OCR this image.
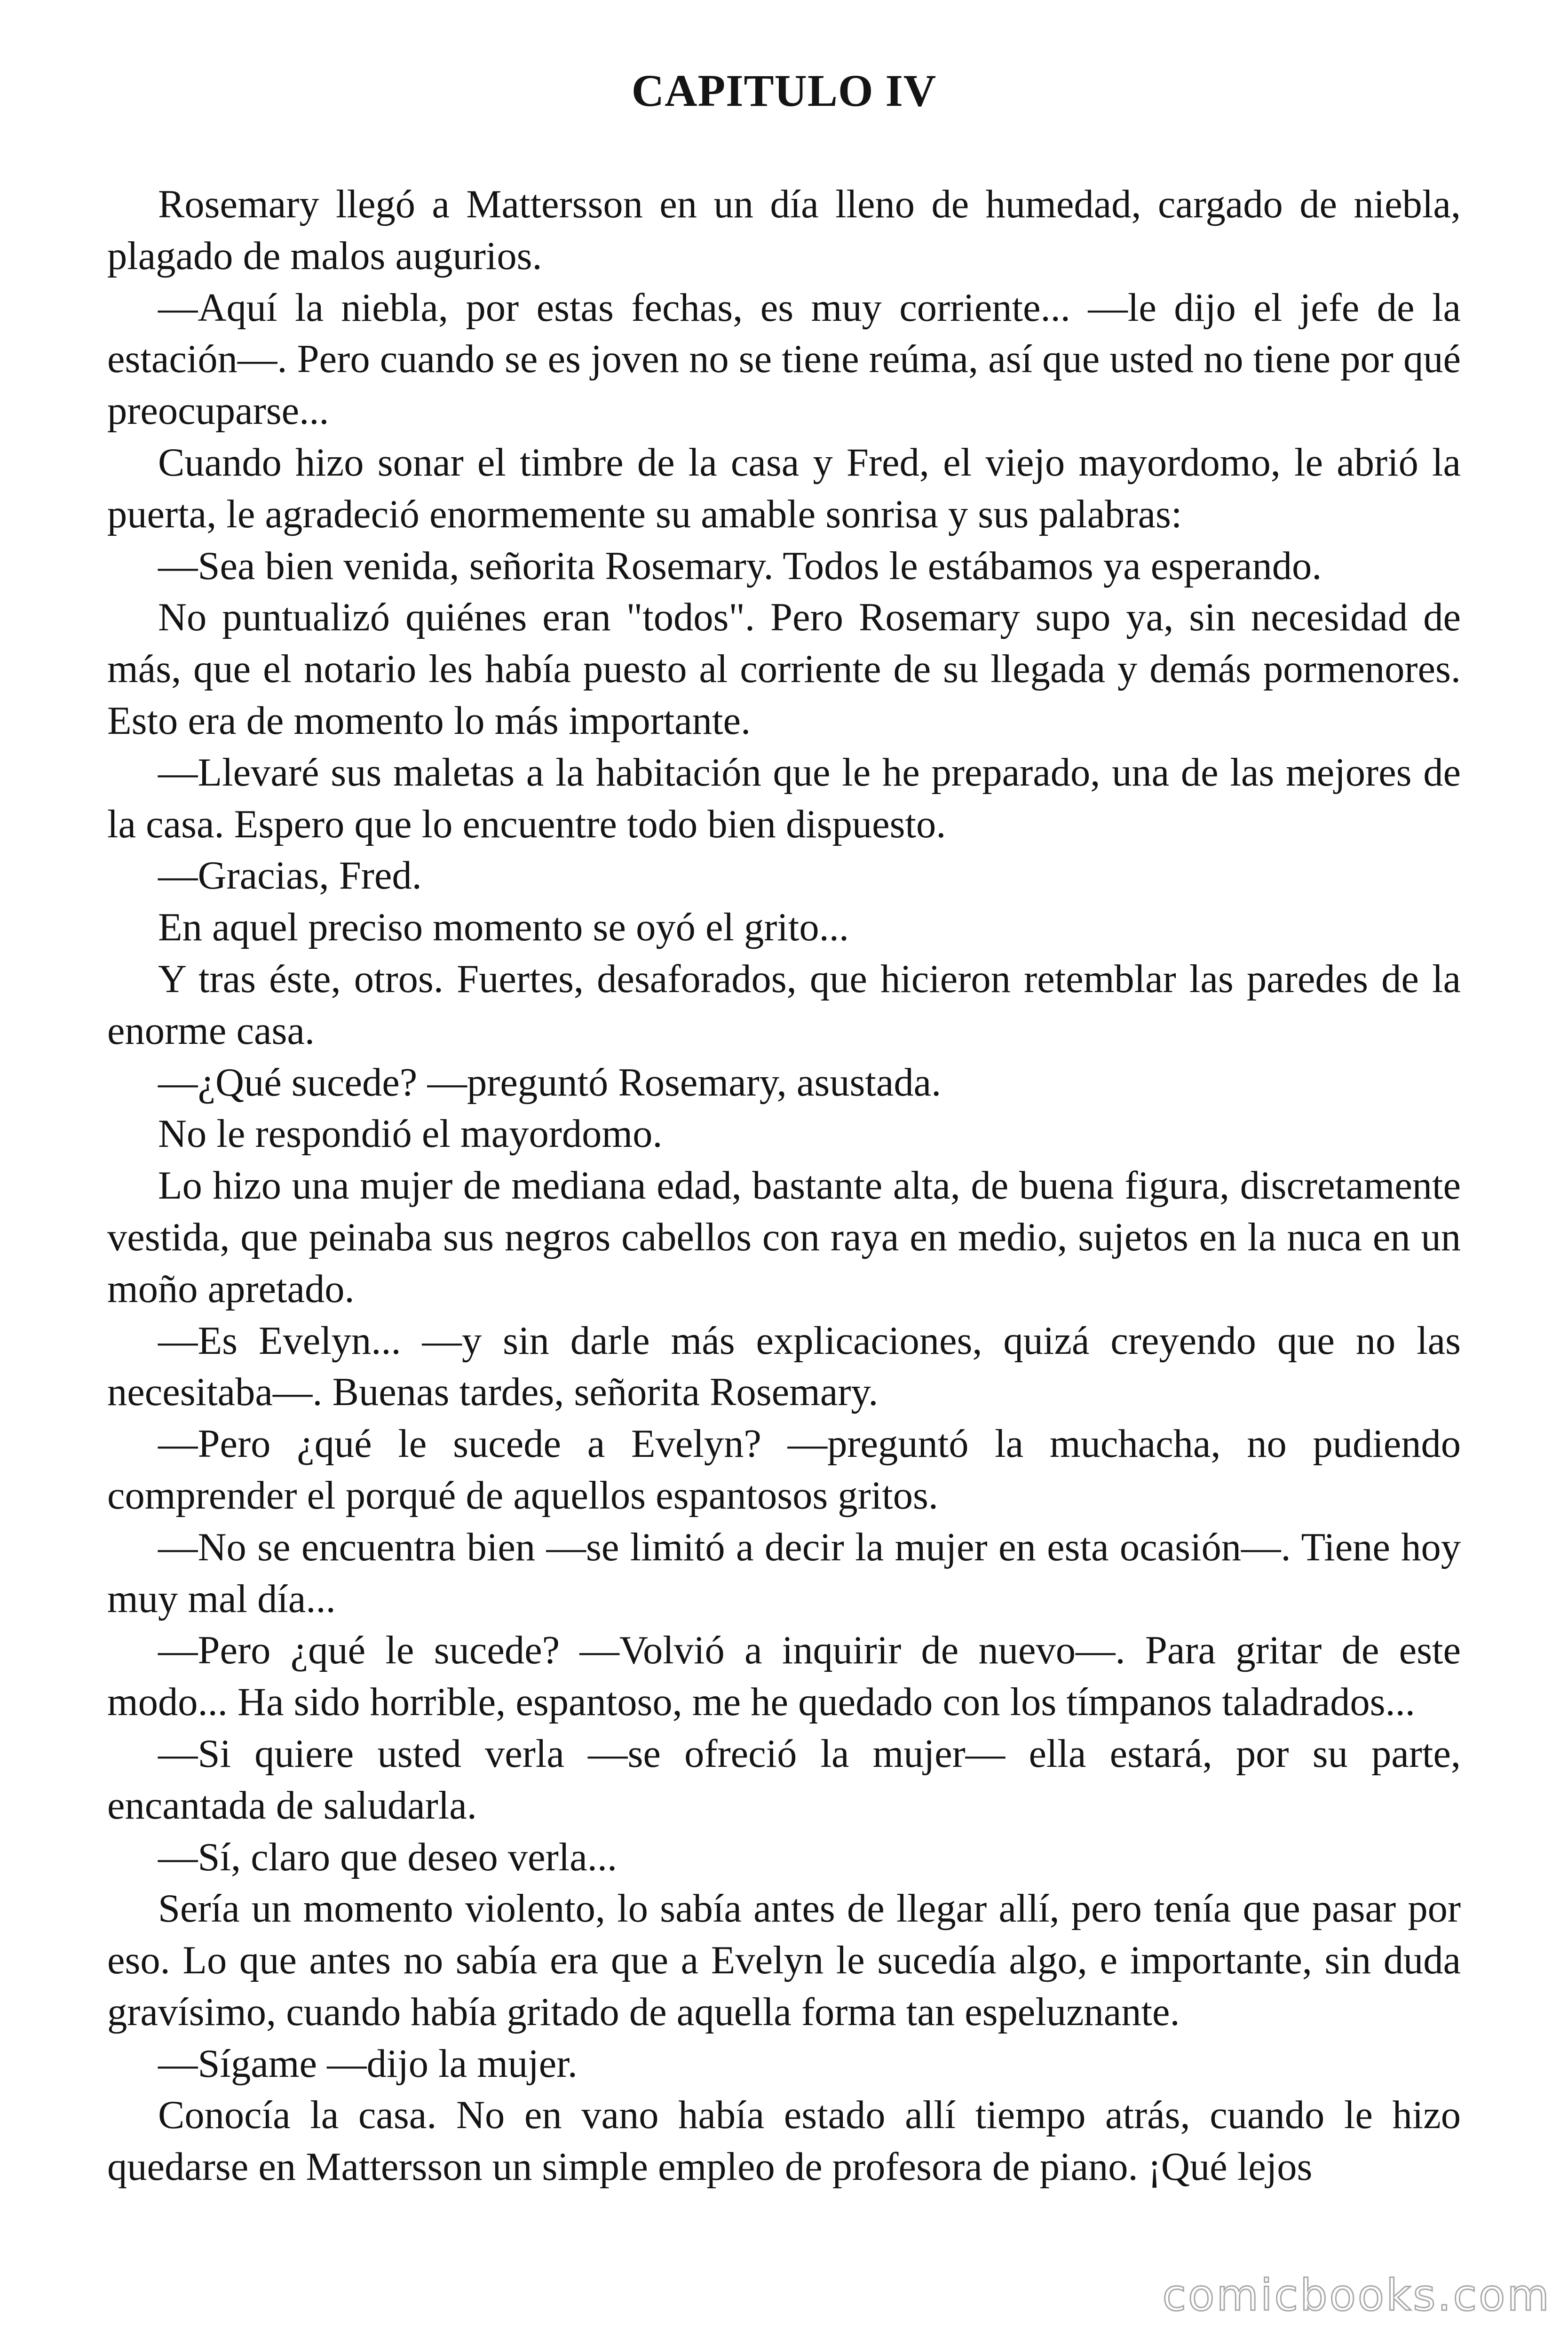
CAPITULO IV

Rosemary llegó a Mattersson en un día lleno de humedad, cargado de niebla, plagado de malos augurios.

—Aquí la niebla, por estas fechas, es muy corriente... —le dijo el jefe de la estación—. Pero cuando se es joven no se tiene reúma, así que usted no tiene por qué preocuparse...

Cuando hizo sonar el timbre de la casa y Fred, el viejo mayordomo, le abrió la puerta, le agradeció enormemente su amable sonrisa y sus palabras:

—Sea bien venida, señorita Rosemary. Todos le estábamos ya esperando.

No puntualizó quiénes eran "todos". Pero Rosemary supo ya, sin necesidad de más, que el notario les había puesto al corriente de su llegada y demás pormenores. Esto era de momento lo más importante.

—Llevaré sus maletas a la habitación que le he preparado, una de las mejores de la casa. Espero que lo encuentre todo bien dispuesto.

—Gracias, Fred.

En aquel preciso momento se oyó el grito...

Y tras éste, otros. Fuertes, desaforados, que hicieron retemblar las paredes de la enorme casa.

—¿Qué sucede? —preguntó Rosemary, asustada.

No le respondió el mayordomo.

Lo hizo una mujer de mediana edad, bastante alta, de buena figura, discretamente vestida, que peinaba sus negros cabellos con raya en medio, sujetos en la nuca en un moño apretado.

—Es Evelyn... —y sin darle más explicaciones, quizá creyendo que no las necesitaba—. Buenas tardes, señorita Rosemary.

—Pero ¿qué le sucede a Evelyn? —preguntó la muchacha, no pudiendo comprender el porqué de aquellos espantosos gritos.

—No se encuentra bien —se limitó a decir la mujer en esta ocasión—. Tiene hoy muy mal día...

—Pero ¿qué le sucede? —Volvió a inquirir de nuevo—. Para gritar de este modo... Ha sido horrible, espantoso, me he quedado con los tímpanos taladrados...

—Si quiere usted verla —se ofreció la mujer— ella estará, por su parte, encantada de saludarla.

—Sí, claro que deseo verla...

Sería un momento violento, lo sabía antes de llegar allí, pero tenía que pasar por eso. Lo que antes no sabía era que a Evelyn le sucedía algo, e importante, sin duda gravísimo, cuando había gritado de aquella forma tan espeluznante.

—Sígame —dijo la mujer.

Conocía la casa. No en vano había estado allí tiempo atrás, cuando le hizo quedarse en Mattersson un simple empleo de profesora de piano. ¡Qué lejos

comicbooks.com
